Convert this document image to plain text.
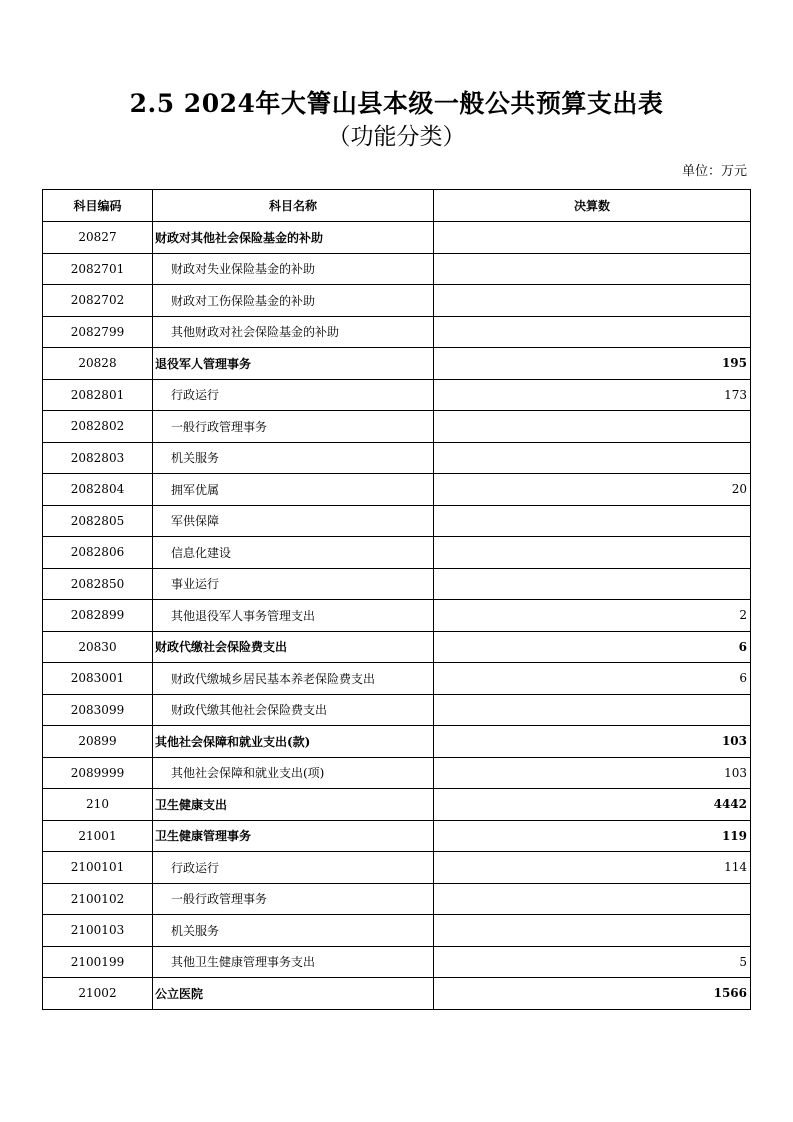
2.5 2024年大箐山县本级一般公共预算支出表
（功能分类）
单位：万元
科目编码	科目名称	决算数
20827	财政对其他社会保险基金的补助	
2082701	财政对失业保险基金的补助	
2082702	财政对工伤保险基金的补助	
2082799	其他财政对社会保险基金的补助	
20828	退役军人管理事务	195
2082801	行政运行	173
2082802	一般行政管理事务	
2082803	机关服务	
2082804	拥军优属	20
2082805	军供保障	
2082806	信息化建设	
2082850	事业运行	
2082899	其他退役军人事务管理支出	2
20830	财政代缴社会保险费支出	6
2083001	财政代缴城乡居民基本养老保险费支出	6
2083099	财政代缴其他社会保险费支出	
20899	其他社会保障和就业支出(款)	103
2089999	其他社会保障和就业支出(项)	103
210	卫生健康支出	4442
21001	卫生健康管理事务	119
2100101	行政运行	114
2100102	一般行政管理事务	
2100103	机关服务	
2100199	其他卫生健康管理事务支出	5
21002	公立医院	1566
